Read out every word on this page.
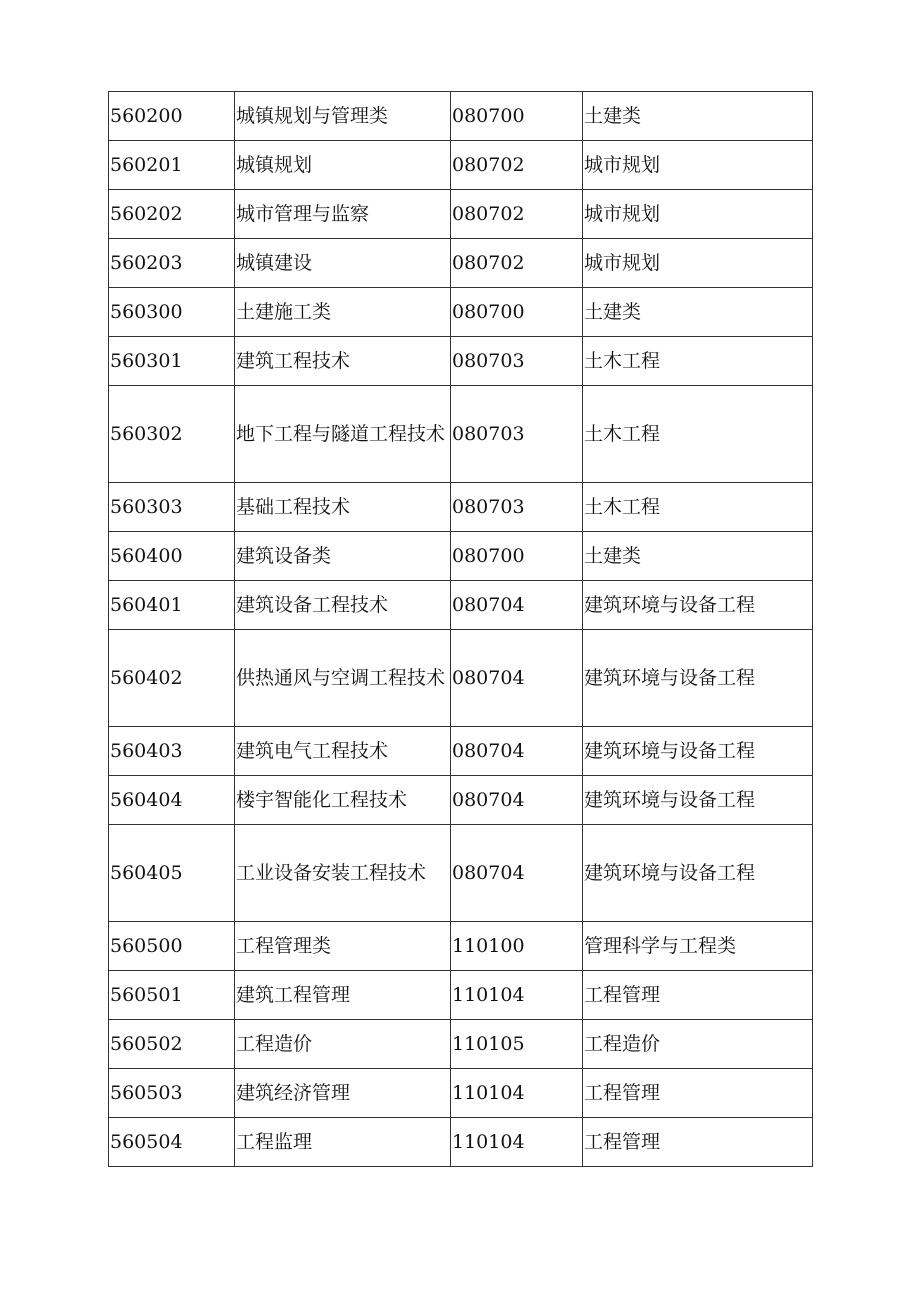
560200	城镇规划与管理类	080700	土建类
560201	城镇规划	080702	城市规划
560202	城市管理与监察	080702	城市规划
560203	城镇建设	080702	城市规划
560300	土建施工类	080700	土建类
560301	建筑工程技术	080703	土木工程
560302	地下工程与隧道工程技术	080703	土木工程
560303	基础工程技术	080703	土木工程
560400	建筑设备类	080700	土建类
560401	建筑设备工程技术	080704	建筑环境与设备工程
560402	供热通风与空调工程技术	080704	建筑环境与设备工程
560403	建筑电气工程技术	080704	建筑环境与设备工程
560404	楼宇智能化工程技术	080704	建筑环境与设备工程
560405	工业设备安装工程技术	080704	建筑环境与设备工程
560500	工程管理类	110100	管理科学与工程类
560501	建筑工程管理	110104	工程管理
560502	工程造价	110105	工程造价
560503	建筑经济管理	110104	工程管理
560504	工程监理	110104	工程管理
